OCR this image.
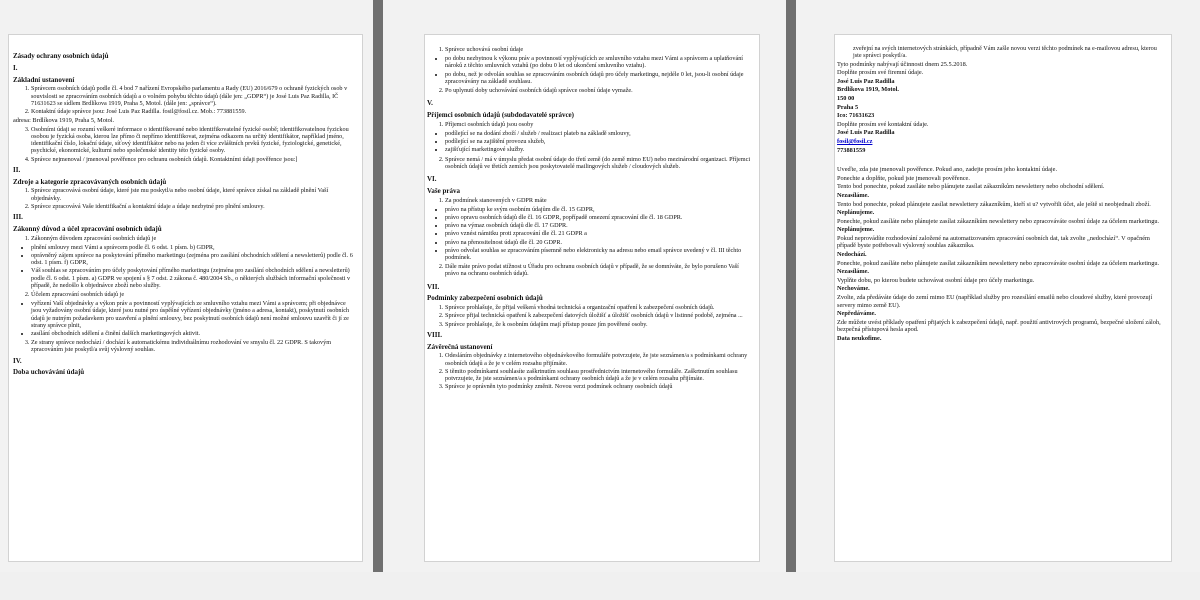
Zásady ochrany osobních údajů
I.
Základní ustanovení
1. Správcem osobních údajů podle čl. 4 bod 7 nařízení Evropského parlamentu a Rady (EU) 2016/679 o ochraně fyzických osob v souvislosti se zpracováním osobních údajů a o volném pohybu těchto údajů (dále jen: „GDPR“) je José Luis Paz Radilla, IČ 71631623 se sídlem Brdlíkova 1919, Praha 5, Motol. (dále jen: „správce“).
2. Kontaktní údaje správce jsou: José Luis Paz Radilla. fosil@fosil.cz. Mob.: 773881559.
adresa: Brdlíkova 1919, Praha 5, Motol.
3. Osobními údaji se rozumí veškeré informace o identifikované nebo identifikovatelné fyzické osobě; identifikovatelnou fyzickou osobou je fyzická osoba, kterou lze přímo či nepřímo identifikovat, zejména odkazem na určitý identifikátor, například jméno, identifikační číslo, lokační údaje, síťový identifikátor nebo na jeden či více zvláštních prvků fyzické, fyziologické, genetické, psychické, ekonomické, kulturní nebo společenské identity této fyzické osoby.
4. Správce nejmenoval / jmenoval pověřence pro ochranu osobních údajů. Kontaktními údaji pověřence jsou:]
II.
Zdroje a kategorie zpracovávaných osobních údajů
1. Správce zpracovává osobní údaje, které jste mu poskytl/a nebo osobní údaje, které správce získal na základě plnění Vaší objednávky.
2. Správce zpracovává Vaše identifikační a kontaktní údaje a údaje nezbytné pro plnění smlouvy.
III.
Zákonný důvod a účel zpracování osobních údajů
1. Zákonným důvodem zpracování osobních údajů je
• plnění smlouvy mezi Vámi a správcem podle čl. 6 odst. 1 písm. b) GDPR,
• oprávněný zájem správce na poskytování přímého marketingu (zejména pro zasílání obchodních sdělení a newsletterů) podle čl. 6 odst. 1 písm. f) GDPR,
• Váš souhlas se zpracováním pro účely poskytování přímého marketingu (zejména pro zasílání obchodních sdělení a newsletterů) podle čl. 6 odst. 1 písm. a) GDPR ve spojení s § 7 odst. 2 zákona č. 480/2004 Sb., o některých službách informační společnosti v případě, že nedošlo k objednávce zboží nebo služby.
2. Účelem zpracování osobních údajů je
• vyřízení Vaší objednávky a výkon práv a povinností vyplývajících ze smluvního vztahu mezi Vámi a správcem; při objednávce jsou vyžadovány osobní údaje, které jsou nutné pro úspěšné vyřízení objednávky (jméno a adresa, kontakt), poskytnutí osobních údajů je nutným požadavkem pro uzavření a plnění smlouvy, bez poskytnutí osobních údajů není možné smlouvu uzavřít či jí ze strany správce plnit,
• zasílání obchodních sdělení a činění dalších marketingových aktivit.
3. Ze strany správce nedochází / dochází k automatickému individuálnímu rozhodování ve smyslu čl. 22 GDPR. S takovým zpracováním jste poskytl/a svůj výslovný souhlas.
IV.
Doba uchovávání údajů
1. Správce uchovává osobní údaje
• po dobu nezbytnou k výkonu práv a povinností vyplývajících ze smluvního vztahu mezi Vámi a správcem a uplatňování nároků z těchto smluvních vztahů (po dobu 0 let od ukončení smluvního vztahu).
• po dobu, než je odvolán souhlas se zpracováním osobních údajů pro účely marketingu, nejdéle 0 let, jsou-li osobní údaje zpracovávány na základě souhlasu.
2. Po uplynutí doby uchovávání osobních údajů správce osobní údaje vymaže.
V.
Příjemci osobních údajů (subdodavatelé správce)
1. Příjemci osobních údajů jsou osoby
• podílející se na dodání zboží / služeb / realizaci plateb na základě smlouvy,
• podílející se na zajištění provozu služeb,
• zajišťující marketingové služby.
2. Správce nemá / má v úmyslu předat osobní údaje do třetí země (do země mimo EU) nebo mezinárodní organizaci. Příjemci osobních údajů ve třetích zemích jsou poskytovatelé mailingových služeb / cloudových služeb.
VI.
Vaše práva
1. Za podmínek stanovených v GDPR máte
• právo na přístup ke svým osobním údajům dle čl. 15 GDPR,
• právo opravu osobních údajů dle čl. 16 GDPR, popřípadě omezení zpracování dle čl. 18 GDPR.
• právo na výmaz osobních údajů dle čl. 17 GDPR.
• právo vznést námitku proti zpracování dle čl. 21 GDPR a
• právo na přenositelnost údajů dle čl. 20 GDPR.
• právo odvolat souhlas se zpracováním písemně nebo elektronicky na adresu nebo email správce uvedený v čl. III těchto podmínek.
2. Dále máte právo podat stížnost u Úřadu pro ochranu osobních údajů v případě, že se domníváte, že bylo porušeno Vaší právo na ochranu osobních údajů.
VII.
Podmínky zabezpečení osobních údajů
1. Správce prohlašuje, že přijal veškerá vhodná technická a organizační opatření k zabezpečení osobních údajů.
2. Správce přijal technická opatření k zabezpečení datových úložišť a úložišť osobních údajů v listinné podobě, zejména ...
3. Správce prohlašuje, že k osobním údajům mají přístup pouze jím pověřené osoby.
VIII.
Závěrečná ustanovení
1. Odesláním objednávky z internetového objednávkového formuláře potvrzujete, že jste seznámen/a s podmínkami ochrany osobních údajů a že je v celém rozsahu přijímáte.
2. S těmito podmínkami souhlasíte zaškrtnutím souhlasu prostřednictvím internetového formuláře. Zaškrtnutím souhlasu potvrzujete, že jste seznámen/a s podmínkami ochrany osobních údajů a že je v celém rozsahu přijímáte.
3. Správce je oprávněn tyto podmínky změnit. Novou verzi podmínek ochrany osobních údajů
zveřejní na svých internetových stránkách, případně Vám zašle novou verzi těchto podmínek na e-mailovou adresu, kterou jste správci poskytl/a.
Tyto podmínky nabývají účinnosti dnem 25.5.2018.
Doplňte prosím své firemní údaje.
José Luis Paz Radilla
Brdlíkova 1919, Motol.
150 00
Praha 5
Ico: 71631623
Doplňte prosím své kontaktní údaje.
José Luis Paz Radilla
fosil@fosil.cz
773881559
Uveďte, zda jste jmenovali pověřence. Pokud ano, zadejte prosím jeho kontaktní údaje.
Ponechte a doplňte, pokud jste jmenovali pověřence.
Tento bod ponechte, pokud zasíláte nebo plánujete zasílat zákazníkům newslettery nebo obchodní sdělení.
Nezasíláme.
Tento bod ponechte, pokud plánujete zasílat newslettery zákazníkům, kteří si u? vytvořili účet, ale ještě si neobjednali zboží.
Neplánujeme.
Ponechte, pokud zasíláte nebo plánujete zasílat zákazníkům newslettery nebo zpracováváte osobní údaje za účelem marketingu.
Neplánujeme.
Pokud neprovádíte rozhodování založené na automatizovaném zpracování osobních dat, tak zvolte „nedochází“. V opačném případě byste potřebovali výslovný souhlas zákazníka.
Nedochází.
Ponechte, pokud zasíláte nebo plánujete zasílat zákazníkům newslettery nebo zpracováváte osobní údaje za účelem marketingu.
Nezasíláme.
Vyplňte dobu, po kterou budete uchovávat osobní údaje pro účely marketingu.
Nechováme.
Zvolte, zda předáváte údaje do zemí mimo EU (například služby pro rozesílání emailů nebo cloudové služby, které provozují servery mimo země EU).
Nepředáváme.
Zde můžete uvést příklady opatření přijatých k zabezpečení údajů, např. použití antivirových programů, bezpečné uložení záloh, bezpečná přístupová hesla apod.
Data neukofime.
